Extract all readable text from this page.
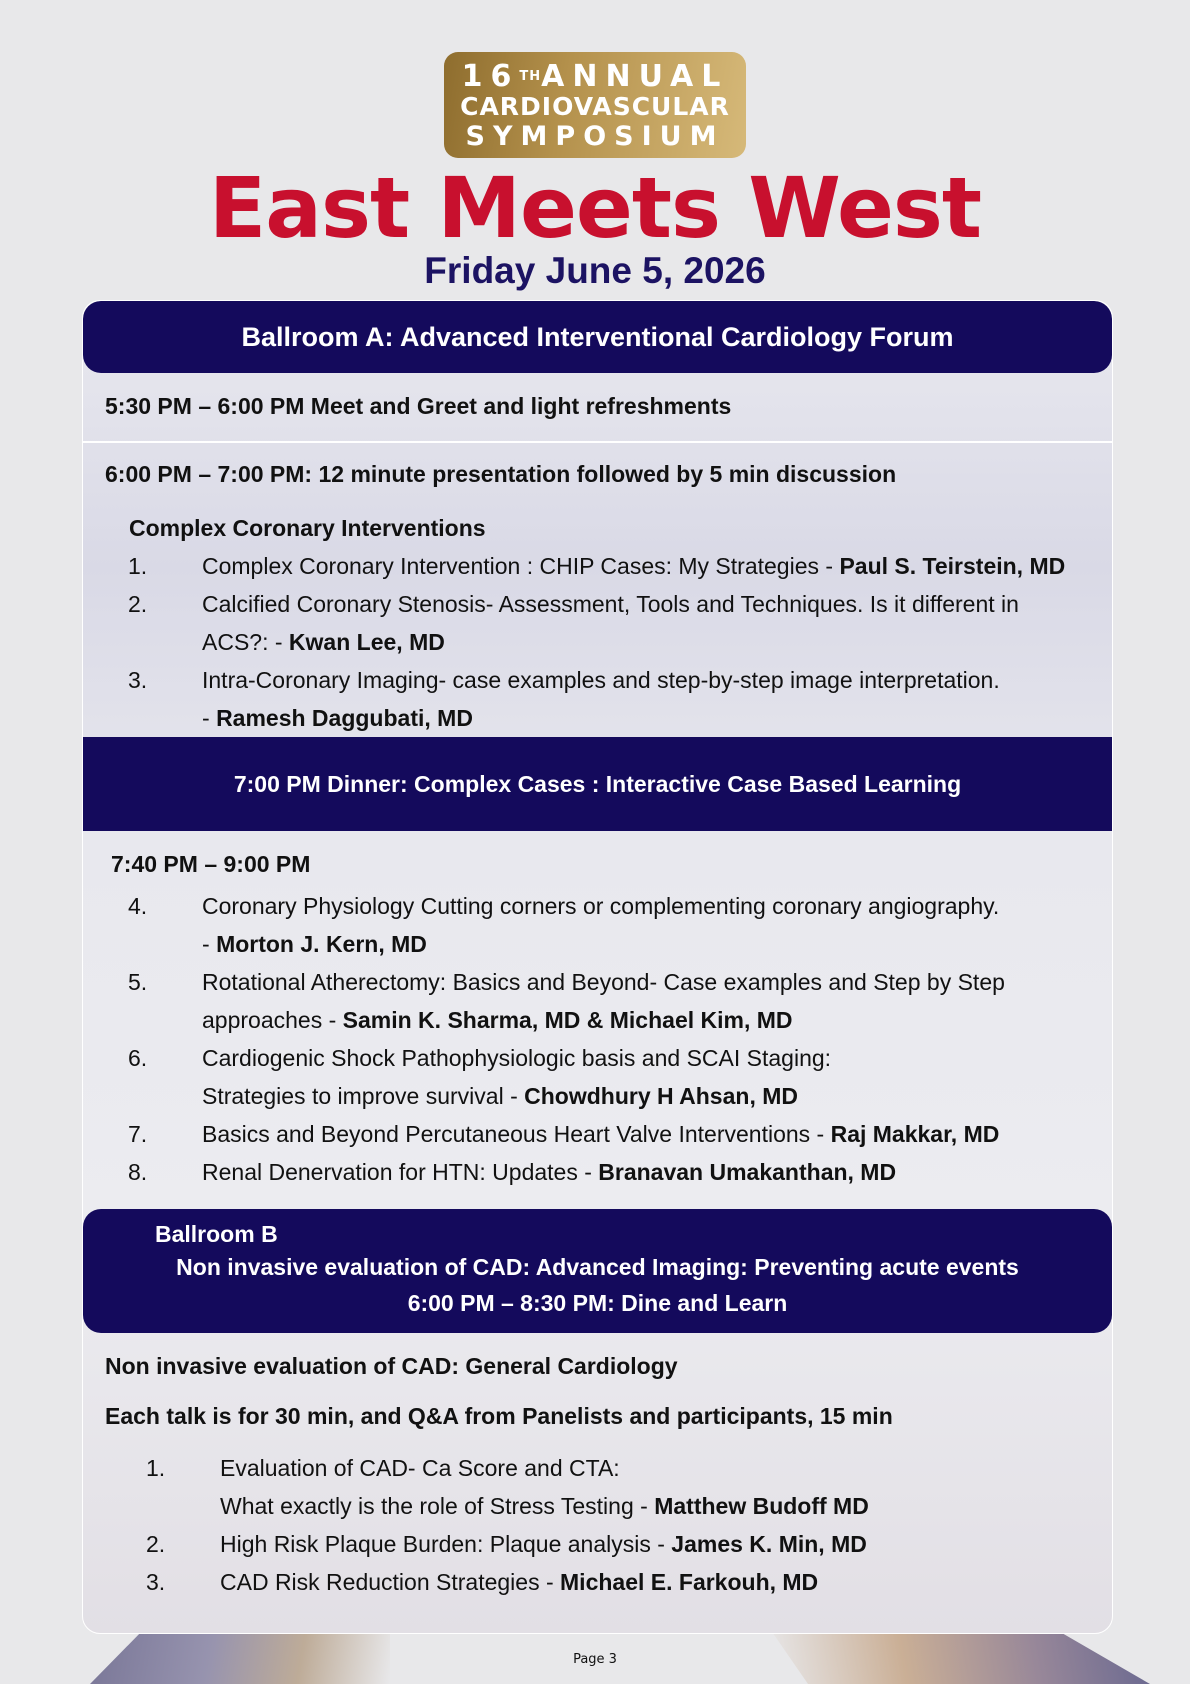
16THANNUAL
CARDIOVASCULAR
SYMPOSIUM
East Meets West
Friday June 5, 2026
Ballroom A: Advanced Interventional Cardiology Forum
5:30 PM – 6:00 PM Meet and Greet and light refreshments
6:00 PM – 7:00 PM: 12 minute presentation followed by 5 min discussion
Complex Coronary Interventions
1. Complex Coronary Intervention : CHIP Cases: My Strategies - Paul S. Teirstein, MD
2. Calcified Coronary Stenosis- Assessment, Tools and Techniques. Is it different in
ACS?: - Kwan Lee, MD
3. Intra-Coronary Imaging- case examples and step-by-step image interpretation.
- Ramesh Daggubati, MD
7:00 PM Dinner: Complex Cases : Interactive Case Based Learning
7:40 PM – 9:00 PM
4. Coronary Physiology Cutting corners or complementing coronary angiography.
- Morton J. Kern, MD
5. Rotational Atherectomy: Basics and Beyond- Case examples and Step by Step
approaches - Samin K. Sharma, MD & Michael Kim, MD
6. Cardiogenic Shock Pathophysiologic basis and SCAI Staging:
Strategies to improve survival - Chowdhury H Ahsan, MD
7. Basics and Beyond Percutaneous Heart Valve Interventions - Raj Makkar, MD
8. Renal Denervation for HTN: Updates - Branavan Umakanthan, MD
Ballroom B
Non invasive evaluation of CAD: Advanced Imaging: Preventing acute events
6:00 PM – 8:30 PM: Dine and Learn
Non invasive evaluation of CAD: General Cardiology
Each talk is for 30 min, and Q&A from Panelists and participants, 15 min
1. Evaluation of CAD- Ca Score and CTA:
What exactly is the role of Stress Testing - Matthew Budoff MD
2. High Risk Plaque Burden: Plaque analysis - James K. Min, MD
3. CAD Risk Reduction Strategies - Michael E. Farkouh, MD
Page 3
